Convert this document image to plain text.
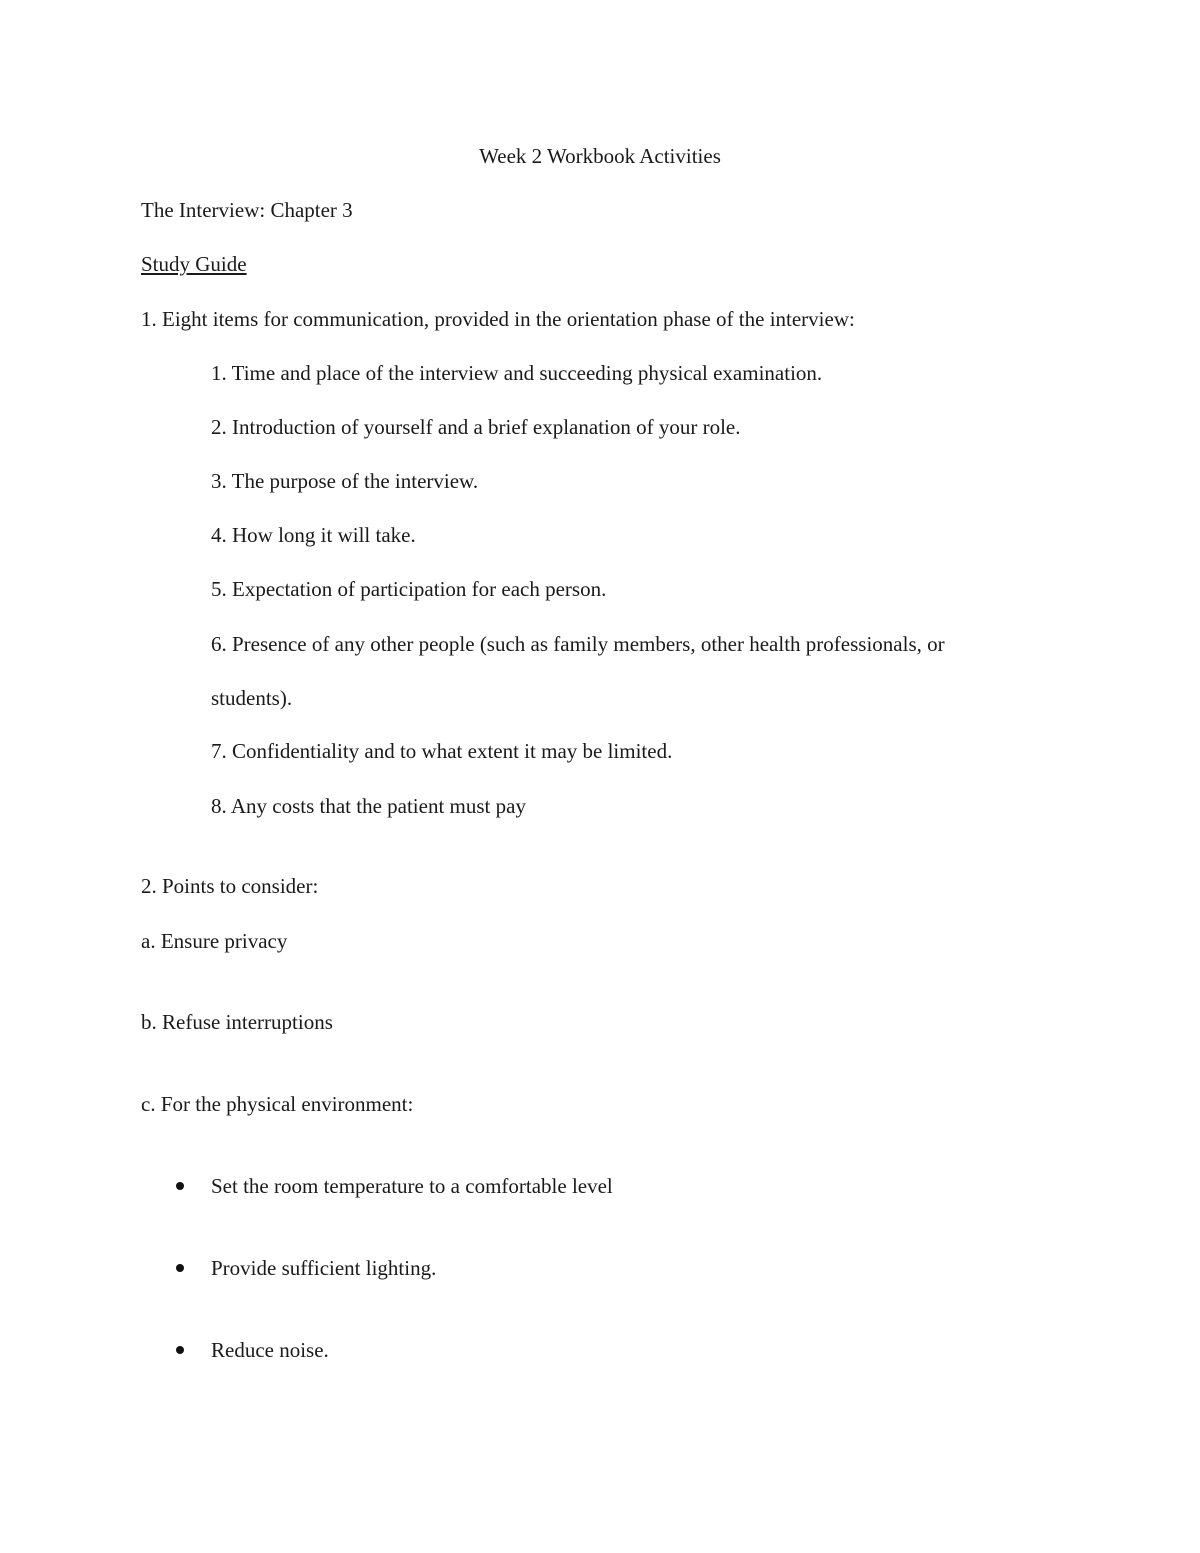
Week 2 Workbook Activities

The Interview: Chapter 3

Study Guide

1. Eight items for communication, provided in the orientation phase of the interview:

1. Time and place of the interview and succeeding physical examination.

2. Introduction of yourself and a brief explanation of your role.

3. The purpose of the interview.

4. How long it will take.

5. Expectation of participation for each person.

6. Presence of any other people (such as family members, other health professionals, or

students).

7. Confidentiality and to what extent it may be limited.

8. Any costs that the patient must pay

2. Points to consider:

a. Ensure privacy

b. Refuse interruptions

c. For the physical environment:

Set the room temperature to a comfortable level

Provide sufficient lighting.

Reduce noise.
